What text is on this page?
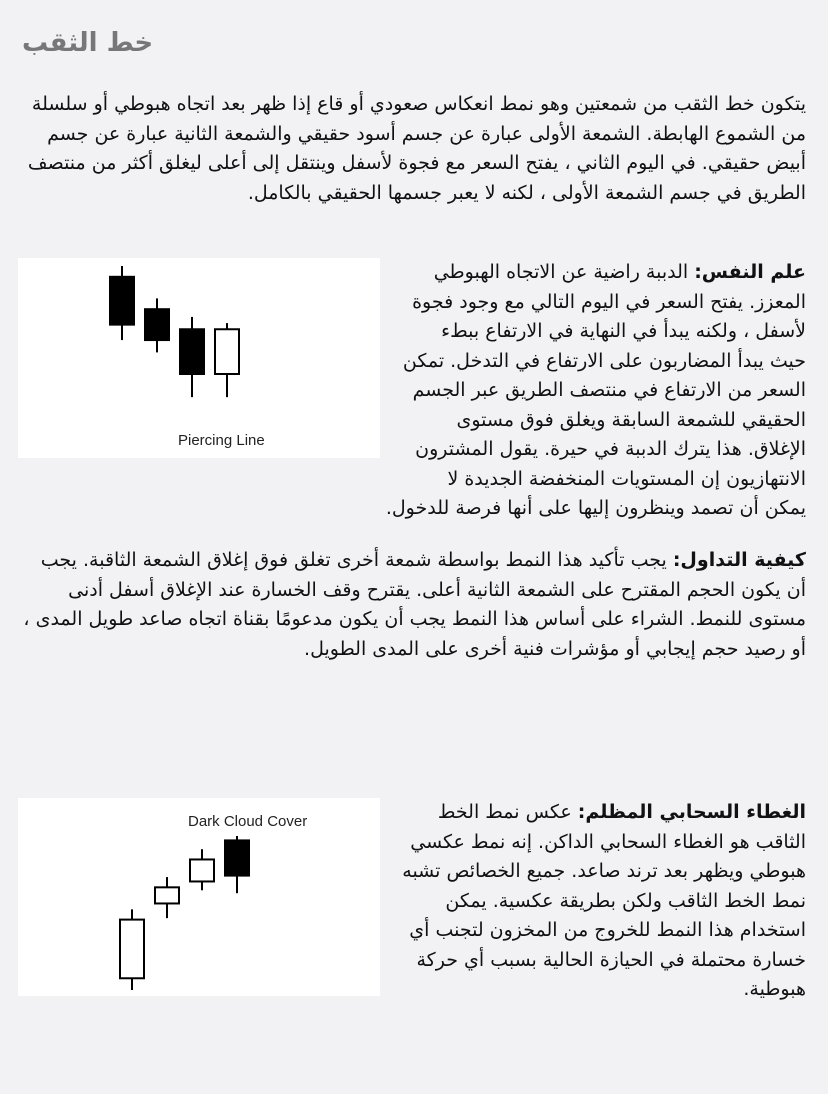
خط الثقب
يتكون خط الثقب من شمعتين وهو نمط انعكاس صعودي أو قاع إذا ظهر بعد اتجاه هبوطي أو سلسلة من الشموع الهابطة. الشمعة الأولى عبارة عن جسم أسود حقيقي والشمعة الثانية عبارة عن جسم أبيض حقيقي. في اليوم الثاني ، يفتح السعر مع فجوة لأسفل وينتقل إلى أعلى ليغلق أكثر من منتصف الطريق في جسم الشمعة الأولى ، لكنه لا يعبر جسمها الحقيقي بالكامل.
Piercing Line
علم النفس: الدببة راضية عن الاتجاه الهبوطي المعزز. يفتح السعر في اليوم التالي مع وجود فجوة لأسفل ، ولكنه يبدأ في النهاية في الارتفاع ببطء حيث يبدأ المضاربون على الارتفاع في التدخل. تمكن السعر من الارتفاع في منتصف الطريق عبر الجسم الحقيقي للشمعة السابقة ويغلق فوق مستوى الإغلاق. هذا يترك الدببة في حيرة. يقول المشترون الانتهازيون إن المستويات المنخفضة الجديدة لا يمكن أن تصمد وينظرون إليها على أنها فرصة للدخول.
كيفية التداول: يجب تأكيد هذا النمط بواسطة شمعة أخرى تغلق فوق إغلاق الشمعة الثاقبة. يجب أن يكون الحجم المقترح على الشمعة الثانية أعلى. يقترح وقف الخسارة عند الإغلاق أسفل أدنى مستوى للنمط. الشراء على أساس هذا النمط يجب أن يكون مدعومًا بقناة اتجاه صاعد طويل المدى ، أو رصيد حجم إيجابي أو مؤشرات فنية أخرى على المدى الطويل.
Dark Cloud Cover	الغطاء السحابي المظلم: عكس نمط الخط الثاقب هو الغطاء السحابي الداكن. إنه نمط عكسي هبوطي ويظهر بعد ترند صاعد. جميع الخصائص تشبه نمط الخط الثاقب ولكن بطريقة عكسية. يمكن استخدام هذا النمط للخروج من المخزون لتجنب أي خسارة محتملة في الحيازة الحالية بسبب أي حركة هبوطية.
